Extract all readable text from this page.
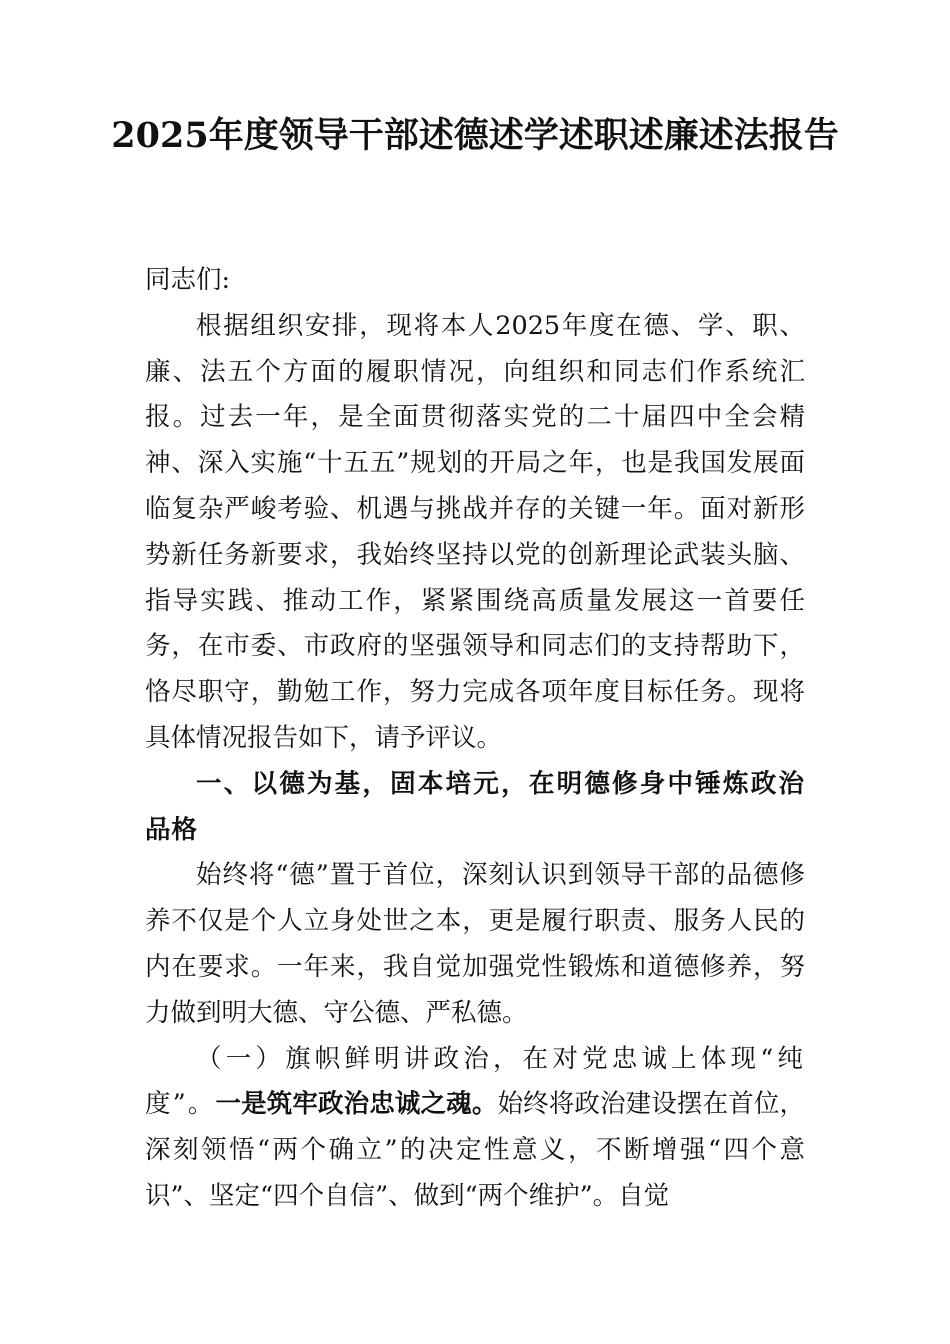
2025年度领导干部述德述学述职述廉述法报告

同志们:

根据组织安排，现将本人2025年度在德、学、职、廉、法五个方面的履职情况，向组织和同志们作系统汇报。过去一年，是全面贯彻落实党的二十届四中全会精神、深入实施“十五五”规划的开局之年，也是我国发展面临复杂严峻考验、机遇与挑战并存的关键一年。面对新形势新任务新要求，我始终坚持以党的创新理论武装头脑、指导实践、推动工作，紧紧围绕高质量发展这一首要任务，在市委、市政府的坚强领导和同志们的支持帮助下，恪尽职守，勤勉工作，努力完成各项年度目标任务。现将具体情况报告如下，请予评议。

一、以德为基，固本培元，在明德修身中锤炼政治品格

始终将“德”置于首位，深刻认识到领导干部的品德修养不仅是个人立身处世之本，更是履行职责、服务人民的内在要求。一年来，我自觉加强党性锻炼和道德修养，努力做到明大德、守公德、严私德。

（一）旗帜鲜明讲政治，在对党忠诚上体现“纯度”。一是筑牢政治忠诚之魂。始终将政治建设摆在首位，深刻领悟“两个确立”的决定性意义，不断增强“四个意识”、坚定“四个自信”、做到“两个维护”。自觉
